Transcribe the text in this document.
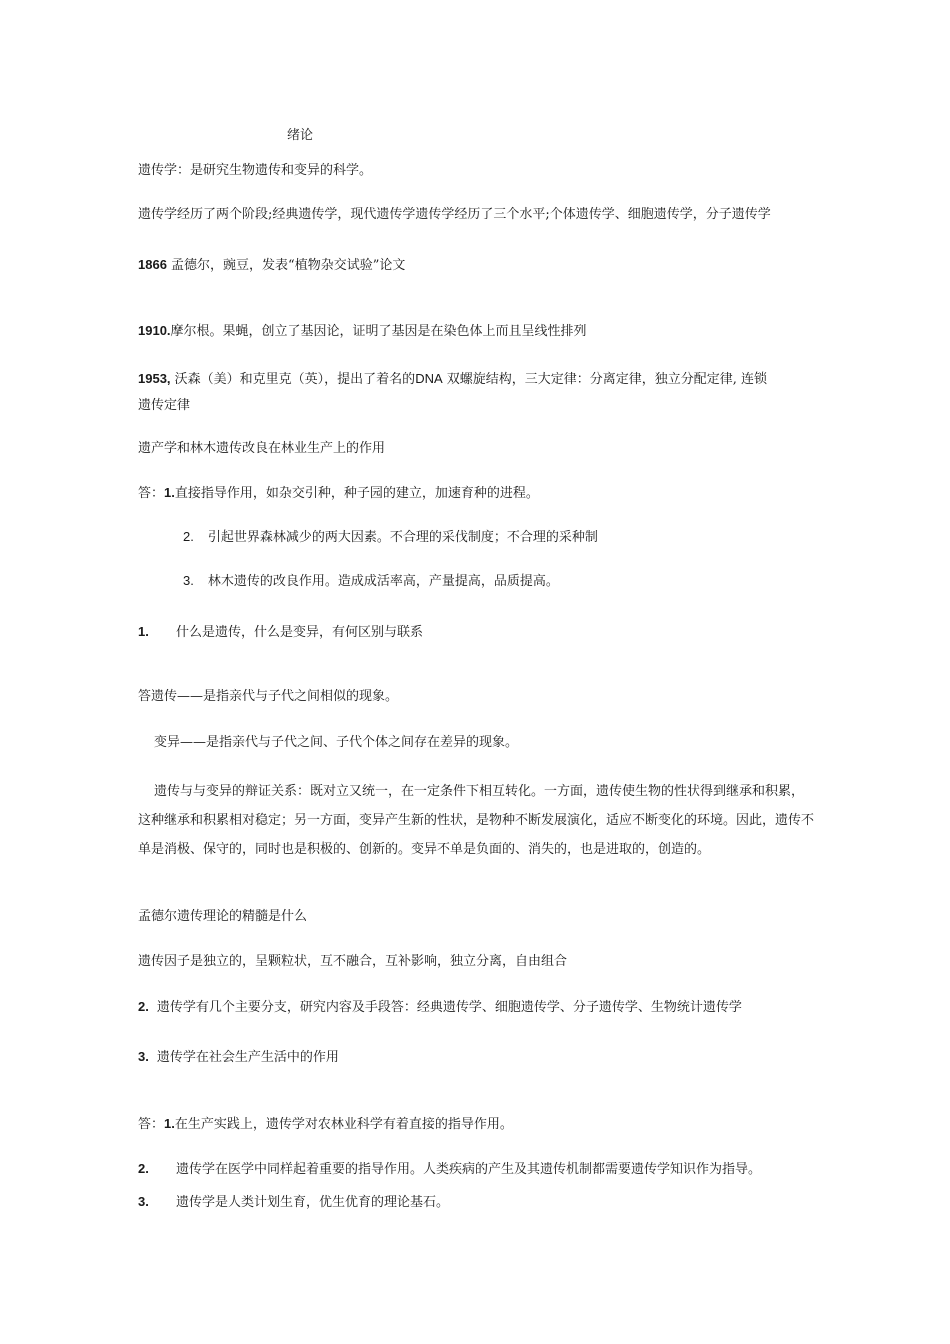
绪论
遗传学：是研究生物遗传和变异的科学。
遗传学经历了两个阶段;经典遗传学，现代遗传学遗传学经历了三个水平;个体遗传学、细胞遗传学，分子遗传学
1866 孟德尔，豌豆，发表“植物杂交试验”论文
1910.摩尔根。果蝇，创立了基因论，证明了基因是在染色体上而且呈线性排列
1953, 沃森（美）和克里克（英），提出了着名的DNA 双螺旋结构，三大定律：分离定律，独立分配定律, 连锁
遗传定律
遗产学和林木遗传改良在林业生产上的作用
答：1.直接指导作用，如杂交引种，种子园的建立，加速育种的进程。
2. 引起世界森林减少的两大因素。不合理的采伐制度；不合理的采种制
3. 林木遗传的改良作用。造成成活率高，产量提高，品质提高。
1. 什么是遗传，什么是变异，有何区别与联系
答遗传——是指亲代与子代之间相似的现象。
变异——是指亲代与子代之间、子代个体之间存在差异的现象。
遗传与与变异的辩证关系：既对立又统一，在一定条件下相互转化。一方面，遗传使生物的性状得到继承和积累，这种继承和积累相对稳定；另一方面，变异产生新的性状，是物种不断发展演化，适应不断变化的环境。因此，遗传不单是消极、保守的，同时也是积极的、创新的。变异不单是负面的、消失的，也是进取的，创造的。
孟德尔遗传理论的精髓是什么
遗传因子是独立的，呈颗粒状，互不融合，互补影响，独立分离，自由组合
2. 遗传学有几个主要分支，研究内容及手段答：经典遗传学、细胞遗传学、分子遗传学、生物统计遗传学
3. 遗传学在社会生产生活中的作用
答：1.在生产实践上，遗传学对农林业科学有着直接的指导作用。
2. 遗传学在医学中同样起着重要的指导作用。人类疾病的产生及其遗传机制都需要遗传学知识作为指导。
3. 遗传学是人类计划生育，优生优育的理论基石。
